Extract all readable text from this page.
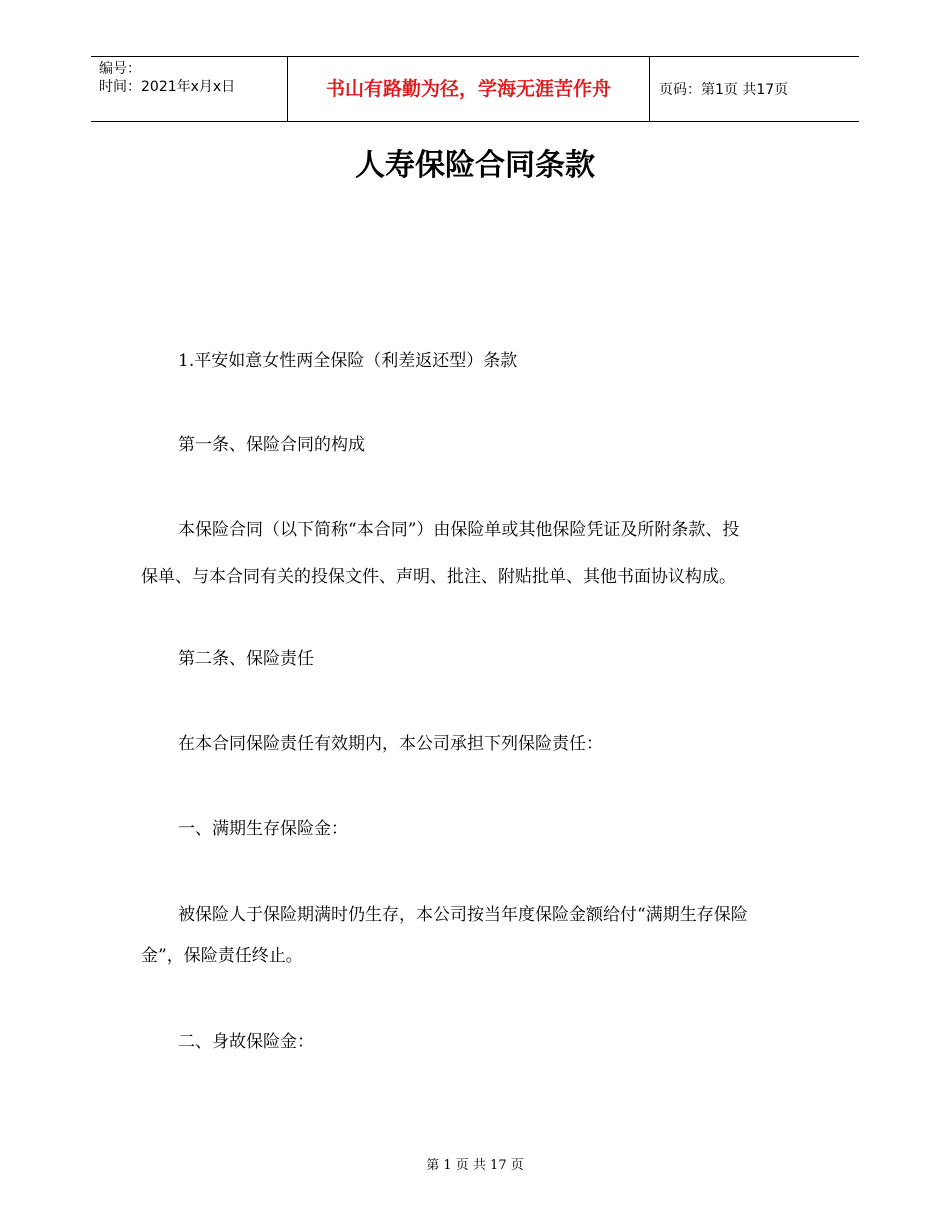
编号：
时间：2021年x月x日	书山有路勤为径，学海无涯苦作舟	页码：第1页 共17页
人寿保险合同条款
1.平安如意女性两全保险（利差返还型）条款
第一条、保险合同的构成
本保险合同（以下简称“本合同”）由保险单或其他保险凭证及所附条款、投
保单、与本合同有关的投保文件、声明、批注、附贴批单、其他书面协议构成。
第二条、保险责任
在本合同保险责任有效期内，本公司承担下列保险责任：
一、满期生存保险金：
被保险人于保险期满时仍生存，本公司按当年度保险金额给付“满期生存保险
金”，保险责任终止。
二、身故保险金：
第 1 页 共 17 页
